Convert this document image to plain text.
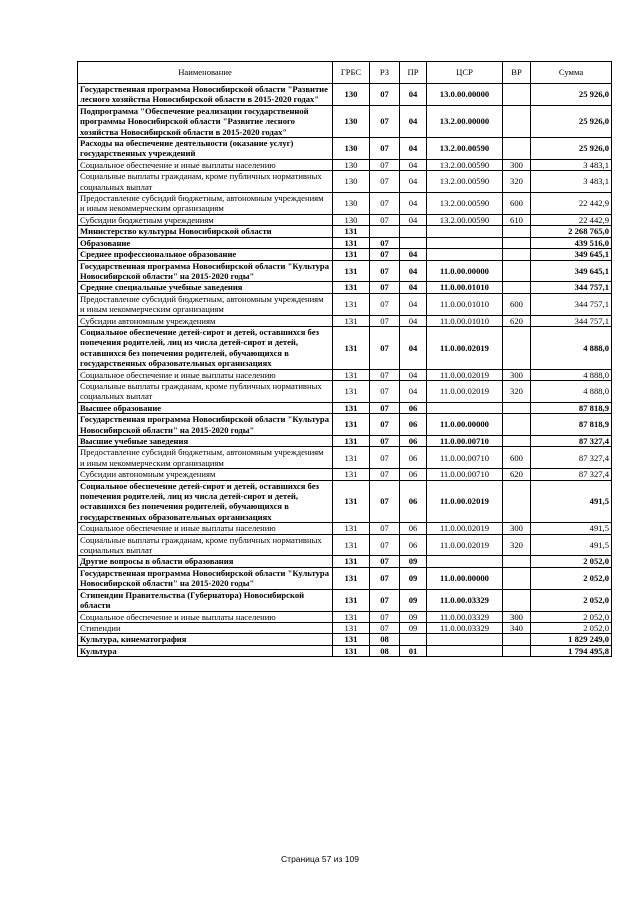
Наименование	ГРБС	РЗ	ПР	ЦСР	ВР	Сумма
Государственная программа Новосибирской области "Развитие лесного хозяйства Новосибирской области в 2015-2020 годах"	130	07	04	13.0.00.00000		25 926,0
Подпрограмма "Обеспечение реализации государственной программы Новосибирской области "Развитие лесного хозяйства Новосибирской области в 2015-2020 годах"	130	07	04	13.2.00.00000		25 926,0
Расходы на обеспечение деятельности (оказание услуг) государственных учреждений	130	07	04	13.2.00.00590		25 926,0
Социальное обеспечение и иные выплаты населению	130	07	04	13.2.00.00590	300	3 483,1
Социальные выплаты гражданам, кроме публичных нормативных социальных выплат	130	07	04	13.2.00.00590	320	3 483,1
Предоставление субсидий бюджетным, автономным учреждениям и иным некоммерческим организациям	130	07	04	13.2.00.00590	600	22 442,9
Субсидии бюджетным учреждениям	130	07	04	13.2.00.00590	610	22 442,9
Министерство культуры Новосибирской области	131					2 268 765,0
Образование	131	07				439 516,0
Среднее профессиональное образование	131	07	04			349 645,1
Государственная программа Новосибирской области "Культура Новосибирской области" на 2015-2020 годы"	131	07	04	11.0.00.00000		349 645,1
Средние специальные учебные заведения	131	07	04	11.0.00.01010		344 757,1
Предоставление субсидий бюджетным, автономным учреждениям и иным некоммерческим организациям	131	07	04	11.0.00.01010	600	344 757,1
Субсидии автономным учреждениям	131	07	04	11.0.00.01010	620	344 757,1
Социальное обеспечение детей-сирот и детей, оставшихся без попечения родителей, лиц из числа детей-сирот и детей, оставшихся без попечения родителей, обучающихся в государственных образовательных организациях	131	07	04	11.0.00.02019		4 888,0
Социальное обеспечение и иные выплаты населению	131	07	04	11.0.00.02019	300	4 888,0
Социальные выплаты гражданам, кроме публичных нормативных социальных выплат	131	07	04	11.0.00.02019	320	4 888,0
Высшее образование	131	07	06			87 818,9
Государственная программа Новосибирской области "Культура Новосибирской области" на 2015-2020 годы"	131	07	06	11.0.00.00000		87 818,9
Высшие учебные заведения	131	07	06	11.0.00.00710		87 327,4
Предоставление субсидий бюджетным, автономным учреждениям и иным некоммерческим организациям	131	07	06	11.0.00.00710	600	87 327,4
Субсидии автономным учреждениям	131	07	06	11.0.00.00710	620	87 327,4
Социальное обеспечение детей-сирот и детей, оставшихся без попечения родителей, лиц из числа детей-сирот и детей, оставшихся без попечения родителей, обучающихся в государственных образовательных организациях	131	07	06	11.0.00.02019		491,5
Социальное обеспечение и иные выплаты населению	131	07	06	11.0.00.02019	300	491,5
Социальные выплаты гражданам, кроме публичных нормативных социальных выплат	131	07	06	11.0.00.02019	320	491,5
Другие вопросы в области образования	131	07	09			2 052,0
Государственная программа Новосибирской области "Культура Новосибирской области" на 2015-2020 годы"	131	07	09	11.0.00.00000		2 052,0
Стипендии Правительства (Губернатора) Новосибирской области	131	07	09	11.0.00.03329		2 052,0
Социальное обеспечение и иные выплаты населению	131	07	09	11.0.00.03329	300	2 052,0
Стипендии	131	07	09	11.0.00.03329	340	2 052,0
Культура, кинематография	131	08				1 829 249,0
Культура	131	08	01			1 794 495,8
Страница 57 из 109
